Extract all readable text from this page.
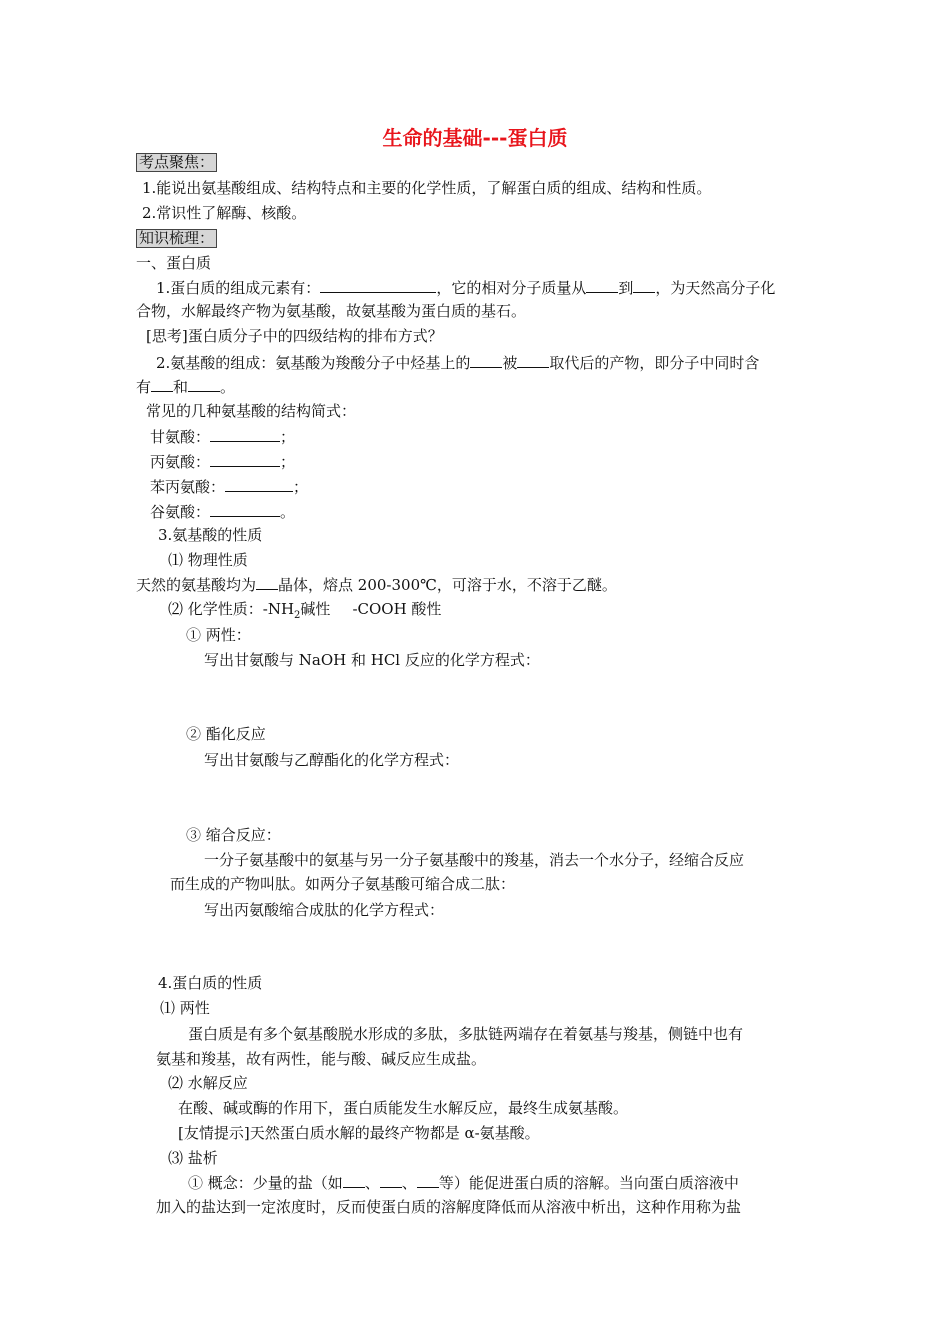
生命的基础---蛋白质
考点聚焦：
1.能说出氨基酸组成、结构特点和主要的化学性质，了解蛋白质的组成、结构和性质。
2.常识性了解酶、核酸。
知识梳理：
一、蛋白质
1.蛋白质的组成元素有：	，它的相对分子质量从 到 ，为天然高分子化
合物，水解最终产物为氨基酸，故氨基酸为蛋白质的基石。
[思考]蛋白质分子中的四级结构的排布方式？
2.氨基酸的组成：氨基酸为羧酸分子中烃基上的 被 取代后的产物，即分子中同时含
有 和 。
常见的几种氨基酸的结构简式：
甘氨酸：	；
丙氨酸：	；
苯丙氨酸：	；
谷氨酸：	。
3.氨基酸的性质
⑴ 物理性质
天然的氨基酸均为 晶体，熔点 200-300℃，可溶于水，不溶于乙醚。
⑵ 化学性质：$-NH_2$碱性 -COOH 酸性
① 两性：
写出甘氨酸与 NaOH 和 HCl 反应的化学方程式：
② 酯化反应
写出甘氨酸与乙醇酯化的化学方程式：
③ 缩合反应：
一分子氨基酸中的氨基与另一分子氨基酸中的羧基，消去一个水分子，经缩合反应
而生成的产物叫肽。如两分子氨基酸可缩合成二肽：
写出丙氨酸缩合成肽的化学方程式：
4.蛋白质的性质
⑴ 两性
蛋白质是有多个氨基酸脱水形成的多肽，多肽链两端存在着氨基与羧基，侧链中也有
氨基和羧基，故有两性，能与酸、碱反应生成盐。
⑵ 水解反应
在酸、碱或酶的作用下，蛋白质能发生水解反应，最终生成氨基酸。
[友情提示]天然蛋白质水解的最终产物都是 α-氨基酸。
⑶ 盐析
① 概念：少量的盐（如 、 、 等）能促进蛋白质的溶解。当向蛋白质溶液中
加入的盐达到一定浓度时，反而使蛋白质的溶解度降低而从溶液中析出，这种作用称为盐
